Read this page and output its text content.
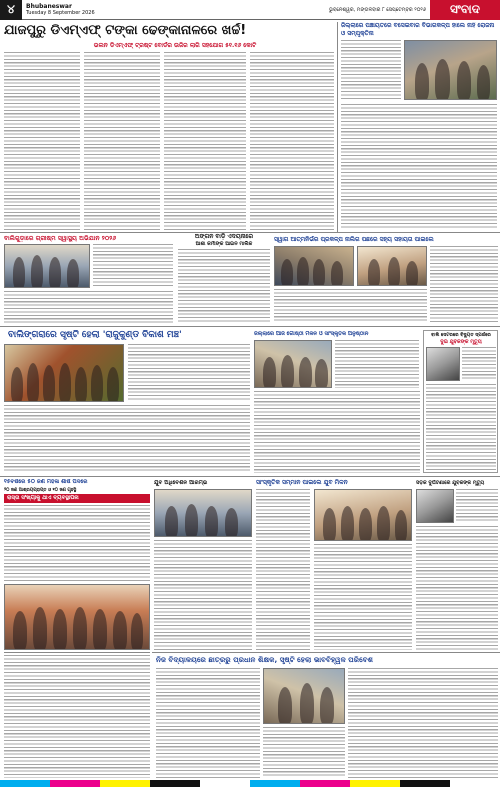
୪	Bhubaneswar
Tuesday 8 September 2026	ଭୁବନେଶ୍ୱର, ମଙ୍ଗଳବାର ୮ ସେପ୍ଟେମ୍ବର ୨୦୨୬	ସଂବାଦ
ଯାଜପୁରୁ ଡିଏମ୍ଏଫ୍ ଟଙ୍କା ଢେଙ୍କାନାଳରେ ଖର୍ଚ୍ଚ!
ଭଲନ ଡିଏମ୍ଏଫ୍ ଟ୍ରଷ୍ଟ ବୋର୍ଡର ଉଜିର ଲାଗି ସହଯୋଗ ୫୧.୧୬ କୋଟି
ଜିଲ୍ଲାରେ ପଞ୍ଚାୟତରେ ବସେଇବାର ବିଭାଗକଳ୍ପ ହାଲେ ନାହିଁ ରୋଜନା ଓ ସମ୍ପୃକ୍ତିନା
ବାଲିଗୁଡ଼ାରେ ଗ୍ରୀଷ୍ମ ସ୍ୱାସ୍ଥ୍ୟ ଅଭିଯାନ ୨୦୨୬	ଅଙ୍ଗନ ବାଡ଼ି ଏଦୟନାରେ
ଆଶା କର୍ମୀଙ୍କ ଆଇନ ମାଲିକ
ସ୍ୱାଗ ଆତ୍ମନିର୍ଭର ପ୍ରକଳ୍ପ ନାଲିଗ ପଛରେ ସହ୍ୟ ସହାୟତା ପାଇଲେ
ବାଲିଙ୍ଗରାରେ ସୃଷ୍ଟି ହେଲା 'ରାଜୁକୁଣ୍ଡ ବିକାଶ ମଞ୍ଚ'	ଜିଲ୍ଲାରେ ଆଜି ଗୋଷ୍ଠୀ ମିଳନ ଓ ସାଂସ୍କୃତିକ ଅନୁଷ୍ଠାନ	ବାଲି ସେଟରରେ ବିଦ୍ୟୁତ ସ୍ପର୍ଶରେ
ଦୁଇ ଯୁବକଙ୍କ ମୃତ୍ୟୁ
୧୫ବର୍ଷରେ ୫୦ ଜଣ ମହିଳା ଶୀର୍ଷ ପଦରେ
୨୦ ଜଣ ଆଶ୍ରୟପ୍ରାପ୍ତ ଓ ୧୦ ଜଣ ଗୃହସ୍ଥି
ରାସ୍ତା ସଂଖ୍ୟାକୁ ଥାଏ ବ୍ୟବସ୍ଥାପନା
ଯୁବ ଅଧିବେଶନ ଆରମ୍ଭ	ସାଂସ୍କୃତିକ ସମ୍ମାନ ପାଇଲେ ଯୁବ ମିଳନ	ସଡ଼କ ଦୁର୍ଘଟଣାରେ ଯୁବକଙ୍କ ମୃତ୍ୟୁ
ନିଜ ବିଦ୍ୟାଳୟରେ ଛାତ୍ରରୁ ପ୍ରଧାନ ଶିକ୍ଷକ, ସୃଷ୍ଟି ହେଲା ଭାବବିହ୍ୱଳ ପରିବେଶ
